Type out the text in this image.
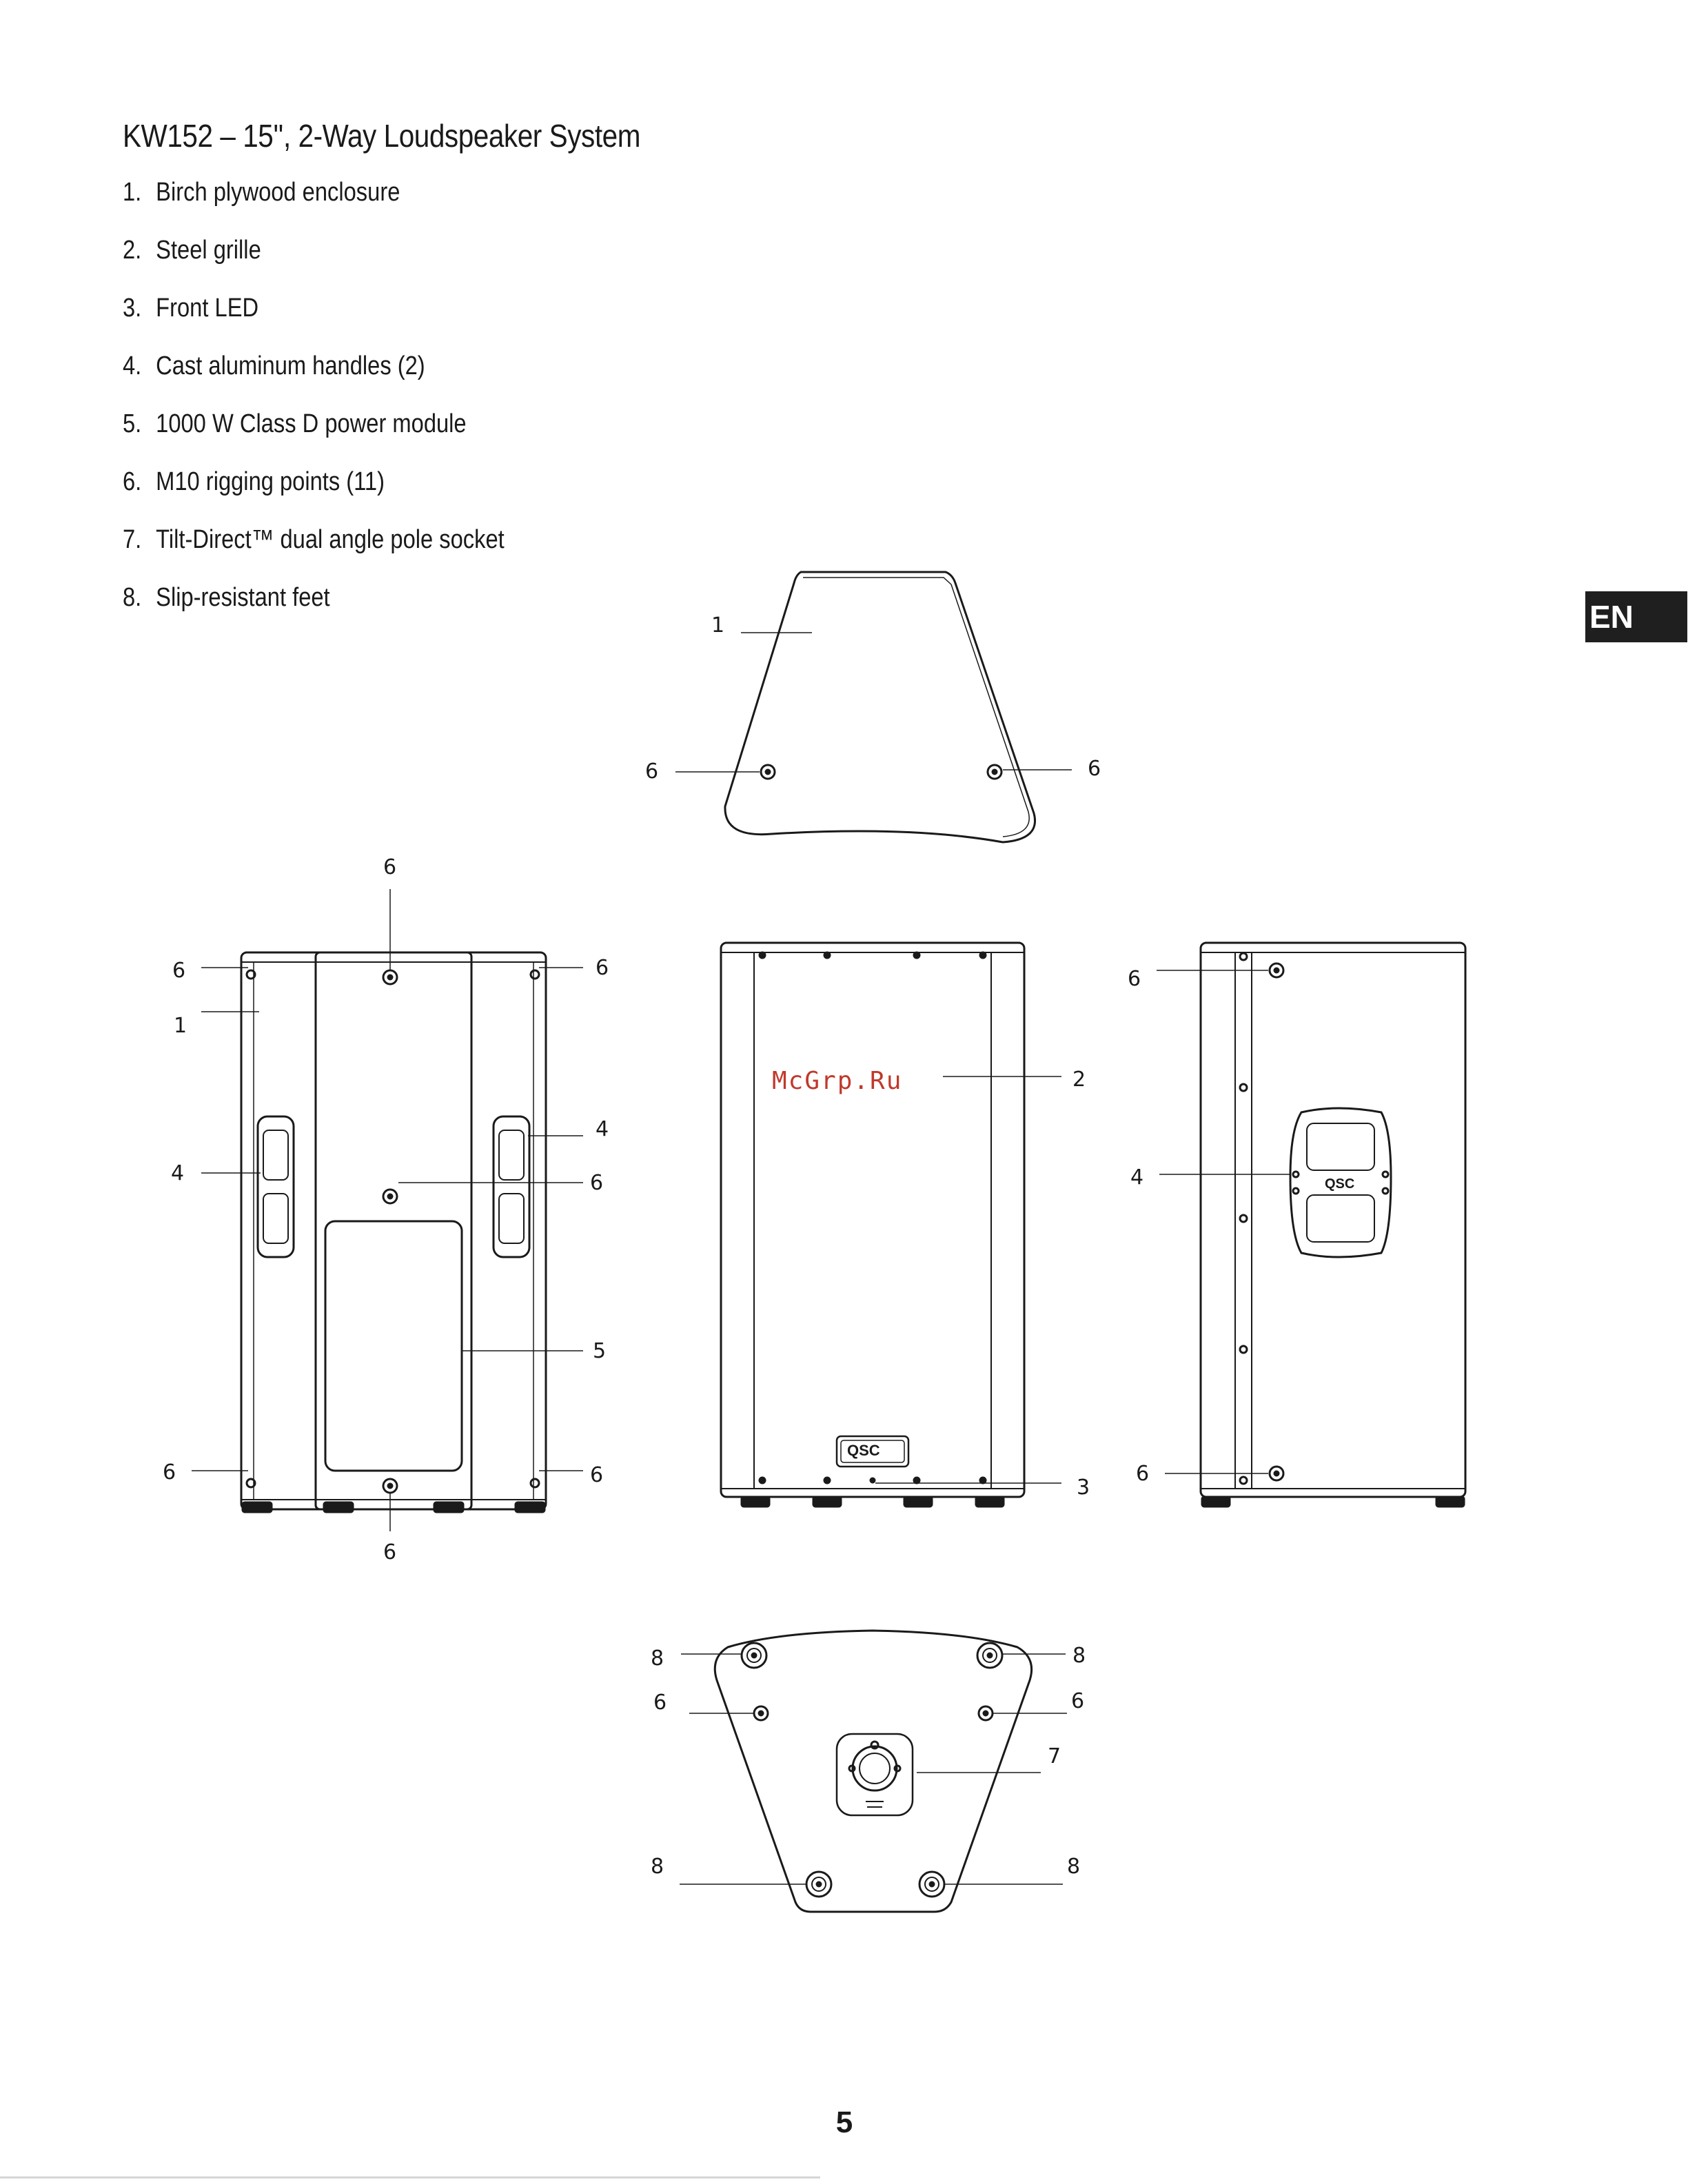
KW152 – 15'', 2-Way Loudspeaker System
1. Birch plywood enclosure
2. Steel grille
3. Front LED
4. Cast aluminum handles (2)
5. 1000 W Class D power module
6. M10 rigging points (11)
7. Tilt-Direct™ dual angle pole socket
8. Slip-resistant feet
EN
1
6	6
6
6	6
1
4
4
6
5
6	6
6
QSC
McGrp.Ru	2
3
QSC
6
4
6
8	8
6	6
7
8	8
5
